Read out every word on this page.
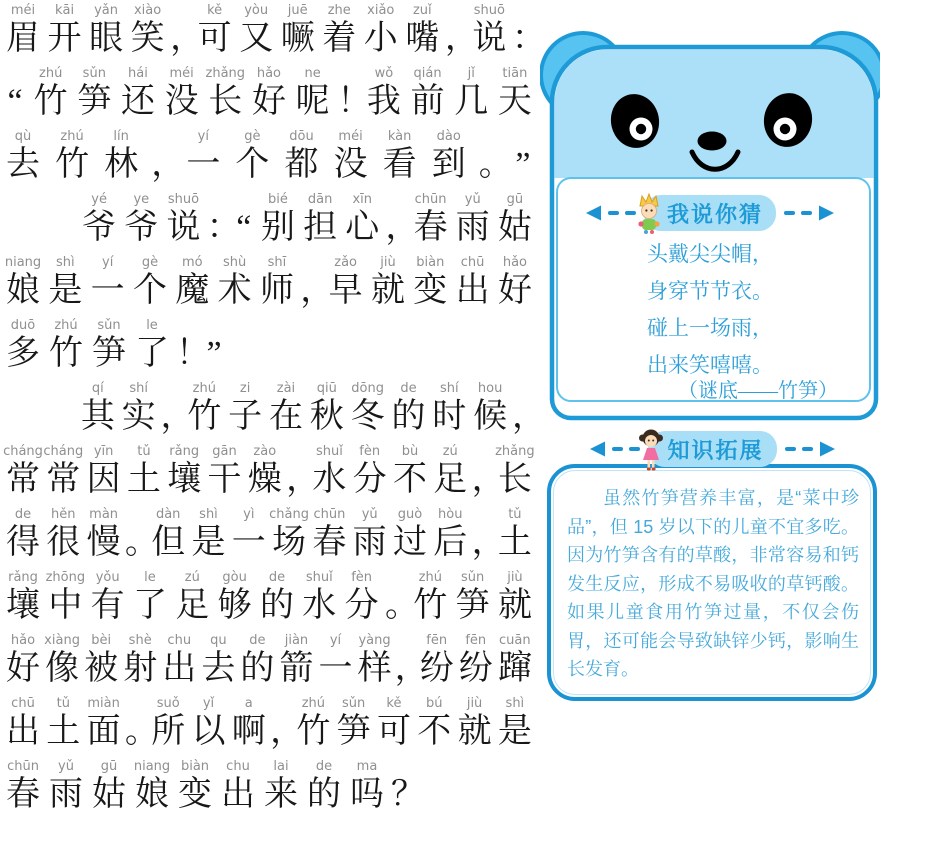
méi
眉
kāi
开
yǎn
眼
xiào
笑 ，
kě
可
yòu
又
juē
噘
zhe
着
xiǎo
小
zuǐ
嘴 ，
shuō
说 ：
“
zhú
竹
sǔn
笋
hái
还
méi
没
zhǎng
长
hǎo
好
ne
呢 ！
wǒ
我
qián
前
jǐ
几
tiān
天
qù
去
zhú
竹
lín
林 ，
yí
一
gè
个
dōu
都
méi
没
kàn
看
dào
到 。 ”
yé
爷
ye
爷
shuō
说 ：
“
bié
别
dān
担
xīn
心 ，
chūn
春
yǔ
雨
gū
姑
niang
娘
shì
是
yí
一
gè
个
mó
魔
shù
术
shī
师 ，
zǎo
早
jiù
就
biàn
变
chū
出
hǎo
好
duō
多
zhú
竹
sǔn
笋
le
了 ！
”
qí
其
shí
实 ，
zhú
竹
zi
子
zài
在
qiū
秋
dōng
冬
de
的
shí
时
hou
候 ，
cháng
常
cháng
常
yīn
因
tǔ
土
rǎng
壤
gān
干
zào
燥 ，
shuǐ
水
fèn
分
bù
不
zú
足 ，
zhǎng
长
de
得
hěn
很
màn
慢 。
dàn
但
shì
是
yì
一
chǎng
场
chūn
春
yǔ
雨
guò
过
hòu
后 ，
tǔ
土
rǎng
壤
zhōng
中
yǒu
有
le
了
zú
足
gòu
够
de
的
shuǐ
水
fèn
分 。
zhú
竹
sǔn
笋
jiù
就
hǎo
好
xiàng
像
bèi
被
shè
射
chu
出
qu
去
de
的
jiàn
箭
yí
一
yàng
样 ，
fēn
纷
fēn
纷
cuān
蹿
chū
出
tǔ
土
miàn
面 。
suǒ
所
yǐ
以
a
啊 ，
zhú
竹
sǔn
笋
kě
可
bú
不
jiù
就
shì
是
chūn
春
yǔ
雨
gū
姑
niang
娘
biàn
变
chu
出
lai
来
de
的
ma
吗 ？
我说你猜
头戴尖尖帽，
身穿节节衣。
碰上一场雨，
出来笑嘻嘻。
（谜底——竹笋）
知识拓展

虽然竹笋营养丰富，是“菜中珍品”，但 15 岁以下的儿童不宜多吃。因为竹笋含有的草酸，非常容易和钙发生反应，形成不易吸收的草钙酸。如果儿童食用竹笋过量，不仅会伤胃，还可能会导致缺锌少钙，影响生长发育。
